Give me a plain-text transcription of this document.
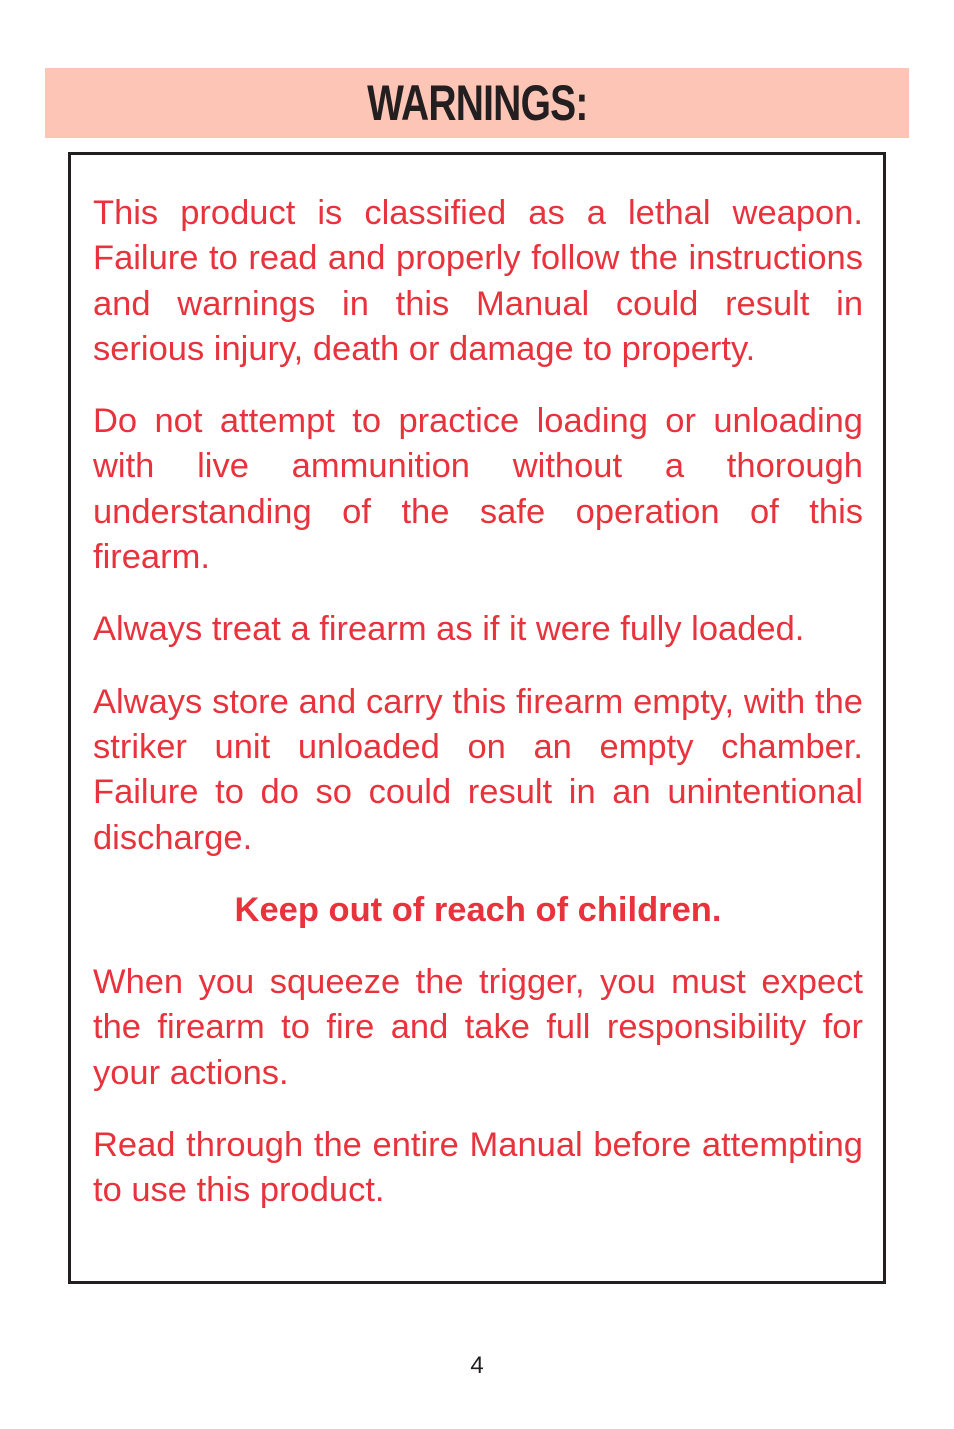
WARNINGS:

This product is classified as a lethal weapon. Failure to read and properly follow the instructions and warnings in this Manual could result in serious injury, death or damage to property.

Do not attempt to practice loading or unloading with live ammunition without a thorough understanding of the safe operation of this firearm.

Always treat a firearm as if it were fully loaded.

Always store and carry this firearm empty, with the striker unit unloaded on an empty chamber. Failure to do so could result in an unintentional discharge.

Keep out of reach of children.

When you squeeze the trigger, you must expect the firearm to fire and take full responsibility for your actions.

Read through the entire Manual before attempting to use this product.

4
